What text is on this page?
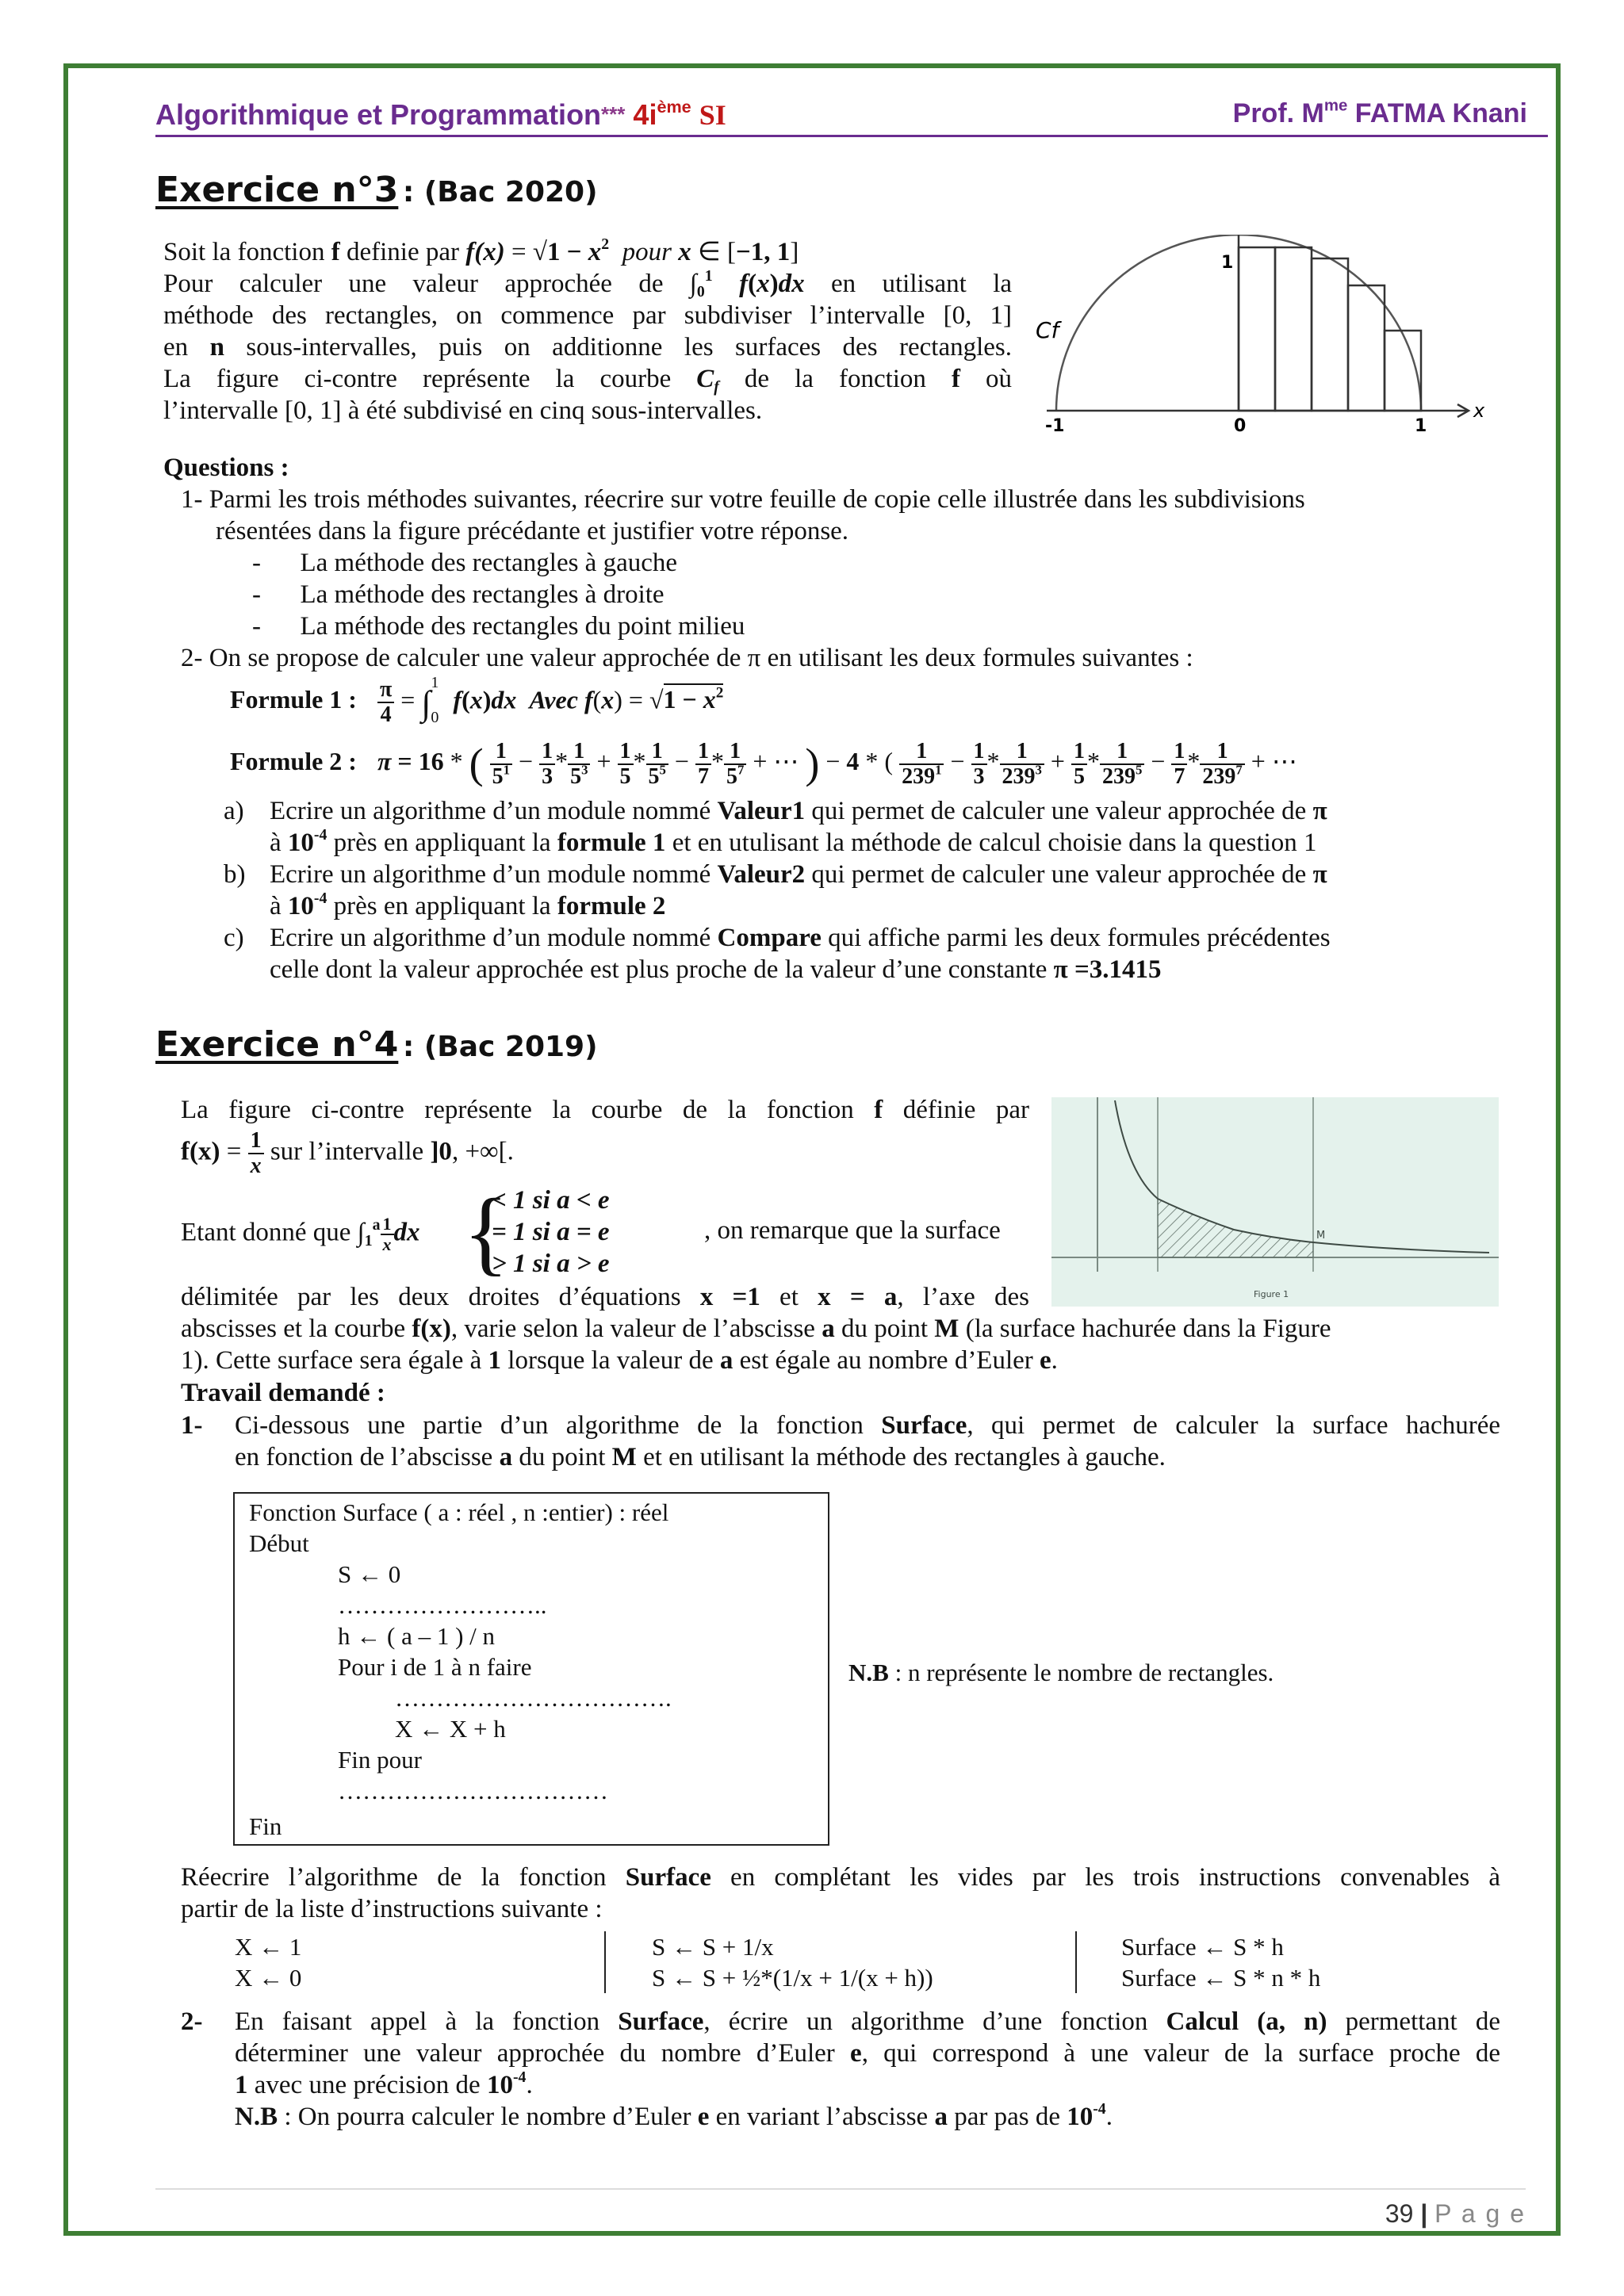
Algorithmique et Programmation*** $4i^{ème}$ SI	Prof. $M^{me}$ FATMA Knani
Exercice n°3 : (Bac 2020)
Soit la fonction f definie par $f(x) = √1 - x^2$ pour x ∈ [−1, 1]
Pour calculer une valeur approchée de $\int_0^1$ f(x)dx en utilisant la
méthode des rectangles, on commence par subdiviser l’intervalle [0, 1]
en n sous-intervalles, puis on additionne les surfaces des rectangles.
La figure ci-contre représente la courbe $C_f$ de la fonction f où
l’intervalle [0, 1] à été subdivisé en cinq sous-intervalles.
1
Cf
-1	0	1
x
Questions :
1- Parmi les trois méthodes suivantes, réecrire sur votre feuille de copie celle illustrée dans les subdivisions
résentées dans la figure précédante et justifier votre réponse.
-      La méthode des rectangles à gauche
-      La méthode des rectangles à droite
-      La méthode des rectangles du point milieu
2- On se propose de calculer une valeur approchée de π en utilisant les deux formules suivantes :
Formule 1 : $\frac{\pi}{4} = \int^1_0$ f(x)dx Avec $f(x) = √1 - x^2$
Formule 2 : π = 16 * ( $\frac{1}{5^1} - \frac{1}{3} * \frac{1}{5^3} + \frac{1}{5} * \frac{1}{5^5} - \frac{1}{7} * \frac{1}{5^7}$ + ⋯ ) − 4 * ( $\frac{1}{239^1} - \frac{1}{3} * \frac{1}{239^3} + \frac{1}{5} * \frac{1}{239^5} - \frac{1}{7} * \frac{1}{239^7}$ + ⋯
a) Ecrire un algorithme d’un module nommé Valeur1 qui permet de calculer une valeur approchée de π
à $10^{-4}$ près en appliquant la formule 1 et en utulisant la méthode de calcul choisie dans la question 1
b) Ecrire un algorithme d’un module nommé Valeur2 qui permet de calculer une valeur approchée de π
à $10^{-4}$ près en appliquant la formule 2
c) Ecrire un algorithme d’un module nommé Compare qui affiche parmi les deux formules précédentes
celle dont la valeur approchée est plus proche de la valeur d’une constante π =3.1415
Exercice n°4 : (Bac 2019)
La figure ci-contre représente la courbe de la fonction f définie par
$f(x) = \frac{1}{x}$ sur l’intervalle ]0, +∞[.
Etant donné que $\int_1^a \frac{1}{x}$ dx {
< 1 si a < e
= 1 si a = e
> 1 si a > e
, on remarque que la surface
délimitée par les deux droites d’équations x =1 et x = a, l’axe des
abscisses et la courbe f(x), varie selon la valeur de l’abscisse a du point M (la surface hachurée dans la Figure
1). Cette surface sera égale à 1 lorsque la valeur de a est égale au nombre d’Euler e.
M
Figure 1
Travail demandé :
1- Ci-dessous une partie d’un algorithme de la fonction Surface, qui permet de calculer la surface hachurée
en fonction de l’abscisse a du point M et en utilisant la méthode des rectangles à gauche.
Fonction Surface ( a : réel , n :entier) : réel
Début
S ← 0
……………………..
h ← ( a – 1 ) / n
Pour i de 1 à n faire
…………………………….
X ← X + h
Fin pour
……………………………
Fin
N.B : n représente le nombre de rectangles.
Réecrire l’algorithme de la fonction Surface en complétant les vides par les trois instructions convenables à
partir de la liste d’instructions suivante :
X ← 1
X ← 0
S ← S + 1/x
S ← S + ½*(1/x + 1/(x + h))
Surface ← S * h
Surface ← S * n * h
2- En faisant appel à la fonction Surface, écrire un algorithme d’une fonction Calcul (a, n) permettant de
déterminer une valeur approchée du nombre d’Euler e, qui correspond à une valeur de la surface proche de
1 avec une précision de $10^{-4}$.
N.B : On pourra calculer le nombre d’Euler e en variant l’abscisse a par pas de $10^{-4}$.
39 | P a g e
